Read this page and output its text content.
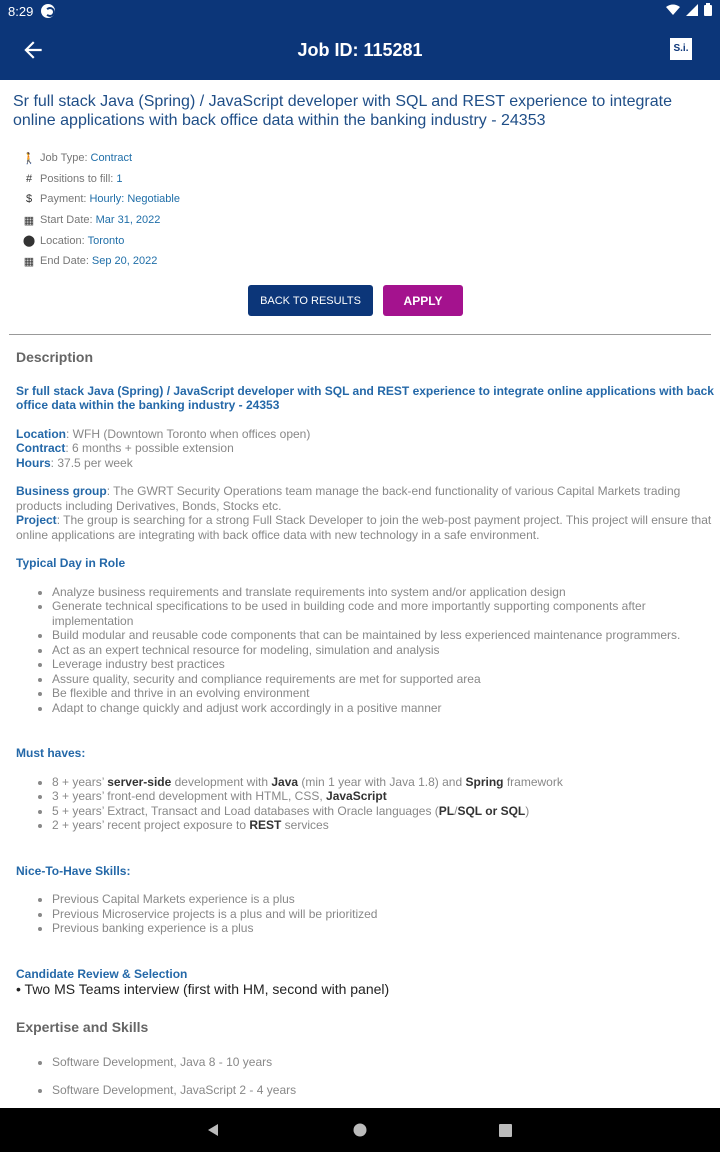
8:29
Job ID: 115281	S.i.
Sr full stack Java (Spring) / JavaScript developer with SQL and REST experience to integrate online applications with back office data within the banking industry - 24353
🚶 Job Type: Contract
# Positions to fill: 1
$ Payment: Hourly: Negotiable
▦ Start Date: Mar 31, 2022
⬤ Location: Toronto
▦ End Date: Sep 20, 2022
BACK TO RESULTS	APPLY
Description
Sr full stack Java (Spring) / JavaScript developer with SQL and REST experience to integrate online applications with back office data within the banking industry - 24353
Location: WFH (Downtown Toronto when offices open)
Contract: 6 months + possible extension
Hours: 37.5 per week
Business group: The GWRT Security Operations team manage the back-end functionality of various Capital Markets trading products including Derivatives, Bonds, Stocks etc.
Project: The group is searching for a strong Full Stack Developer to join the web-post payment project. This project will ensure that online applications are integrating with back office data with new technology in a safe environment.
Typical Day in Role
• Analyze business requirements and translate requirements into system and/or application design
• Generate technical specifications to be used in building code and more importantly supporting components after implementation
• Build modular and reusable code components that can be maintained by less experienced maintenance programmers.
• Act as an expert technical resource for modeling, simulation and analysis
• Leverage industry best practices
• Assure quality, security and compliance requirements are met for supported area
• Be flexible and thrive in an evolving environment
• Adapt to change quickly and adjust work accordingly in a positive manner
Must haves:
• 8 + years’ server-side development with Java (min 1 year with Java 1.8) and Spring framework
• 3 + years’ front-end development with HTML, CSS, JavaScript
• 5 + years’ Extract, Transact and Load databases with Oracle languages (PL/SQL or SQL)
• 2 + years’ recent project exposure to REST services
Nice-To-Have Skills:
• Previous Capital Markets experience is a plus
• Previous Microservice projects is a plus and will be prioritized
• Previous banking experience is a plus
Candidate Review & Selection
• Two MS Teams interview (first with HM, second with panel)
Expertise and Skills
• Software Development, Java 8 - 10 years
• Software Development, JavaScript 2 - 4 years
